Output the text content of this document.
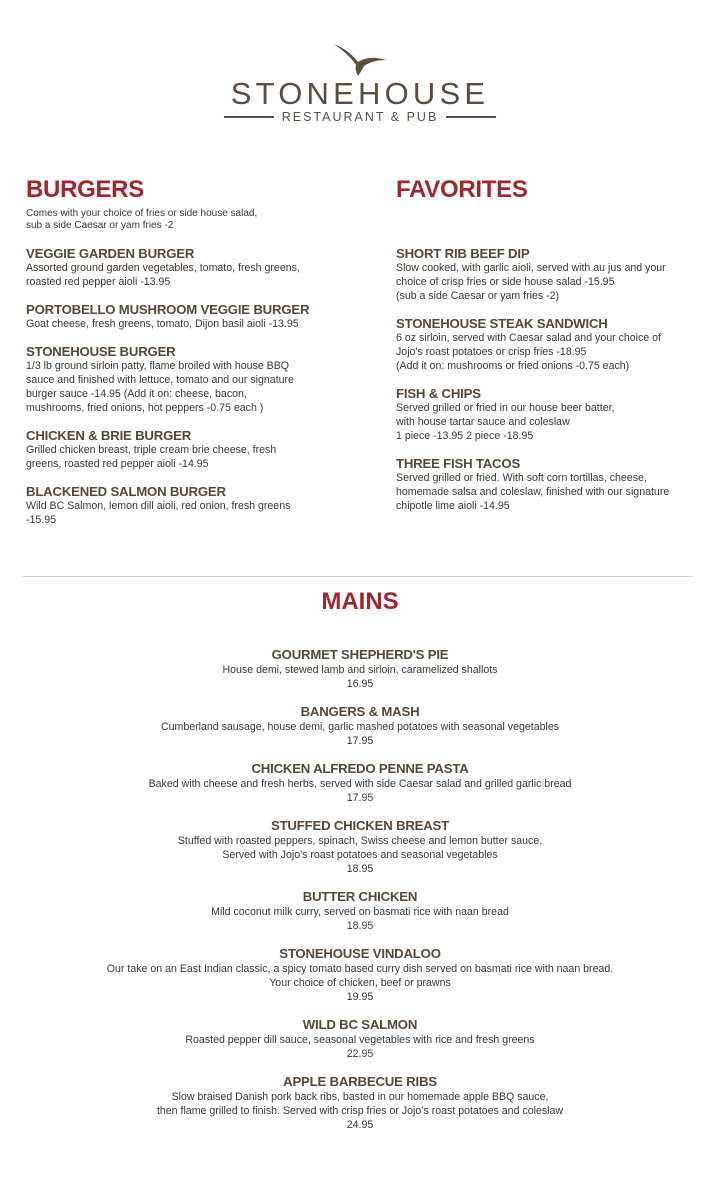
STONEHOUSE
RESTAURANT & PUB
BURGERS
Comes with your choice of fries or side house salad,
sub a side Caesar or yam fries -2
VEGGIE GARDEN BURGER
Assorted ground garden vegetables, tomato, fresh greens,
roasted red pepper aioli -13.95
PORTOBELLO MUSHROOM VEGGIE BURGER
Goat cheese, fresh greens, tomato, Dijon basil aioli -13.95
STONEHOUSE BURGER
1/3 lb ground sirloin patty, flame broiled with house BBQ
sauce and finished with lettuce, tomato and our signature
burger sauce -14.95 (Add it on: cheese, bacon,
mushrooms, fried onions, hot peppers -0.75 each )
CHICKEN & BRIE BURGER
Grilled chicken breast, triple cream brie cheese, fresh
greens, roasted red pepper aioli -14.95
BLACKENED SALMON BURGER
Wild BC Salmon, lemon dill aioli, red onion, fresh greens
-15.95
FAVORITES
SHORT RIB BEEF DIP
Slow cooked, with garlic aioli, served with au jus and your
choice of crisp fries or side house salad -15.95
(sub a side Caesar or yam fries -2)
STONEHOUSE STEAK SANDWICH
6 oz sirloin, served with Caesar salad and your choice of
Jojo's roast potatoes or crisp fries -18.95
(Add it on: mushrooms or fried onions -0.75 each)
FISH & CHIPS
Served grilled or fried in our house beer batter,
with house tartar sauce and coleslaw
1 piece -13.95 2 piece -18.95
THREE FISH TACOS
Served grilled or fried. With soft corn tortillas, cheese,
homemade salsa and coleslaw, finished with our signature
chipotle lime aioli -14.95
MAINS
GOURMET SHEPHERD'S PIE
House demi, stewed lamb and sirloin, caramelized shallots
16.95
BANGERS & MASH
Cumberland sausage, house demi, garlic mashed potatoes with seasonal vegetables
17.95
CHICKEN ALFREDO PENNE PASTA
Baked with cheese and fresh herbs, served with side Caesar salad and grilled garlic bread
17.95
STUFFED CHICKEN BREAST
Stuffed with roasted peppers, spinach, Swiss cheese and lemon butter sauce.
Served with Jojo's roast potatoes and seasonal vegetables
18.95
BUTTER CHICKEN
Mild coconut milk curry, served on basmati rice with naan bread
18.95
STONEHOUSE VINDALOO
Our take on an East Indian classic, a spicy tomato based curry dish served on basmati rice with naan bread.
Your choice of chicken, beef or prawns
19.95
WILD BC SALMON
Roasted pepper dill sauce, seasonal vegetables with rice and fresh greens
22.95
APPLE BARBECUE RIBS
Slow braised Danish pork back ribs, basted in our homemade apple BBQ sauce,
then flame grilled to finish. Served with crisp fries or Jojo’s roast potatoes and coleslaw
24.95
